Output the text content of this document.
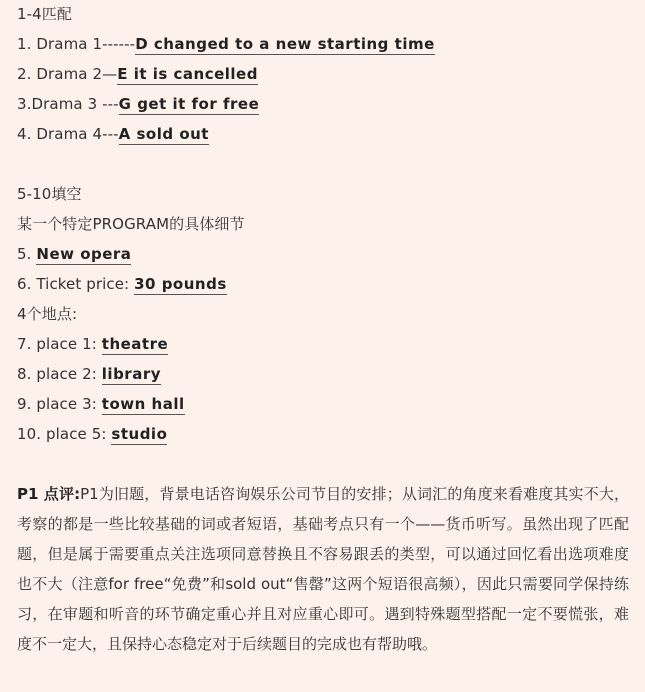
1-4匹配
1. Drama 1------D changed to a new starting time
2. Drama 2—E it is cancelled
3.Drama 3 ---G get it for free
4. Drama 4---A sold out
5-10填空
某一个特定PROGRAM的具体细节
5. New opera
6. Ticket price: 30 pounds
4个地点:
7. place 1: theatre
8. place 2: library
9. place 3: town hall
10. place 5: studio
P1 点评:P1为旧题，背景电话咨询娱乐公司节目的安排；从词汇的角度来看难度其实不大，考察的都是一些比较基础的词或者短语，基础考点只有一个——货币听写。虽然出现了匹配题，但是属于需要重点关注选项同意替换且不容易跟丢的类型，可以通过回忆看出选项难度也不大（注意for free“免费”和sold out“售罄”这两个短语很高频），因此只需要同学保持练习，在审题和听音的环节确定重心并且对应重心即可。遇到特殊题型搭配一定不要慌张，难度不一定大，且保持心态稳定对于后续题目的完成也有帮助哦。
